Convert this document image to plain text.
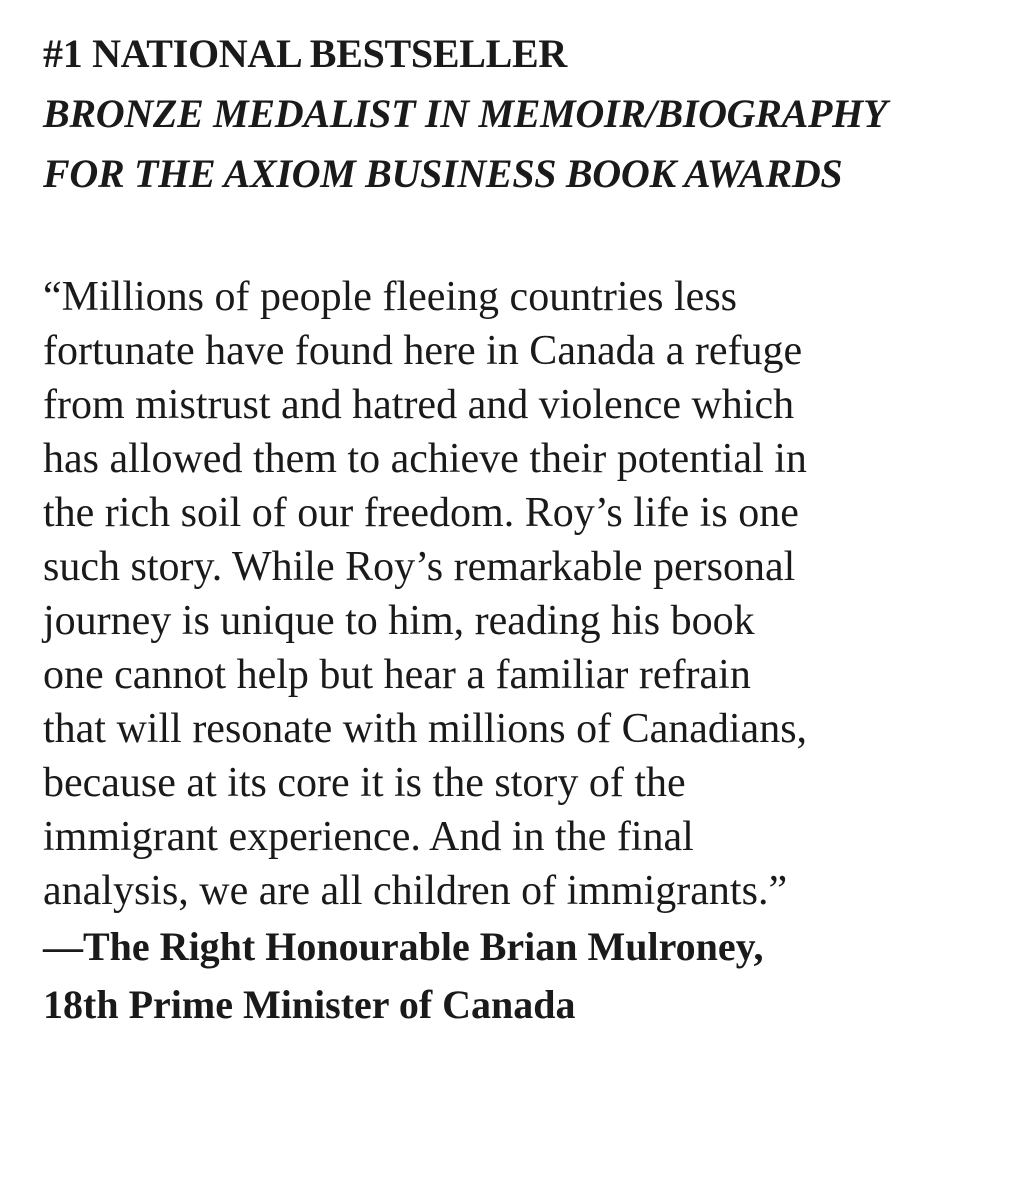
#1 NATIONAL BESTSELLER
BRONZE MEDALIST IN MEMOIR/BIOGRAPHY
FOR THE AXIOM BUSINESS BOOK AWARDS
“Millions of people fleeing countries less
fortunate have found here in Canada a refuge
from mistrust and hatred and violence which
has allowed them to achieve their potential in
the rich soil of our freedom. Roy’s life is one
such story. While Roy’s remarkable personal
journey is unique to him, reading his book
one cannot help but hear a familiar refrain
that will resonate with millions of Canadians,
because at its core it is the story of the
immigrant experience. And in the final
analysis, we are all children of immigrants.”
—The Right Honourable Brian Mulroney,
18th Prime Minister of Canada
